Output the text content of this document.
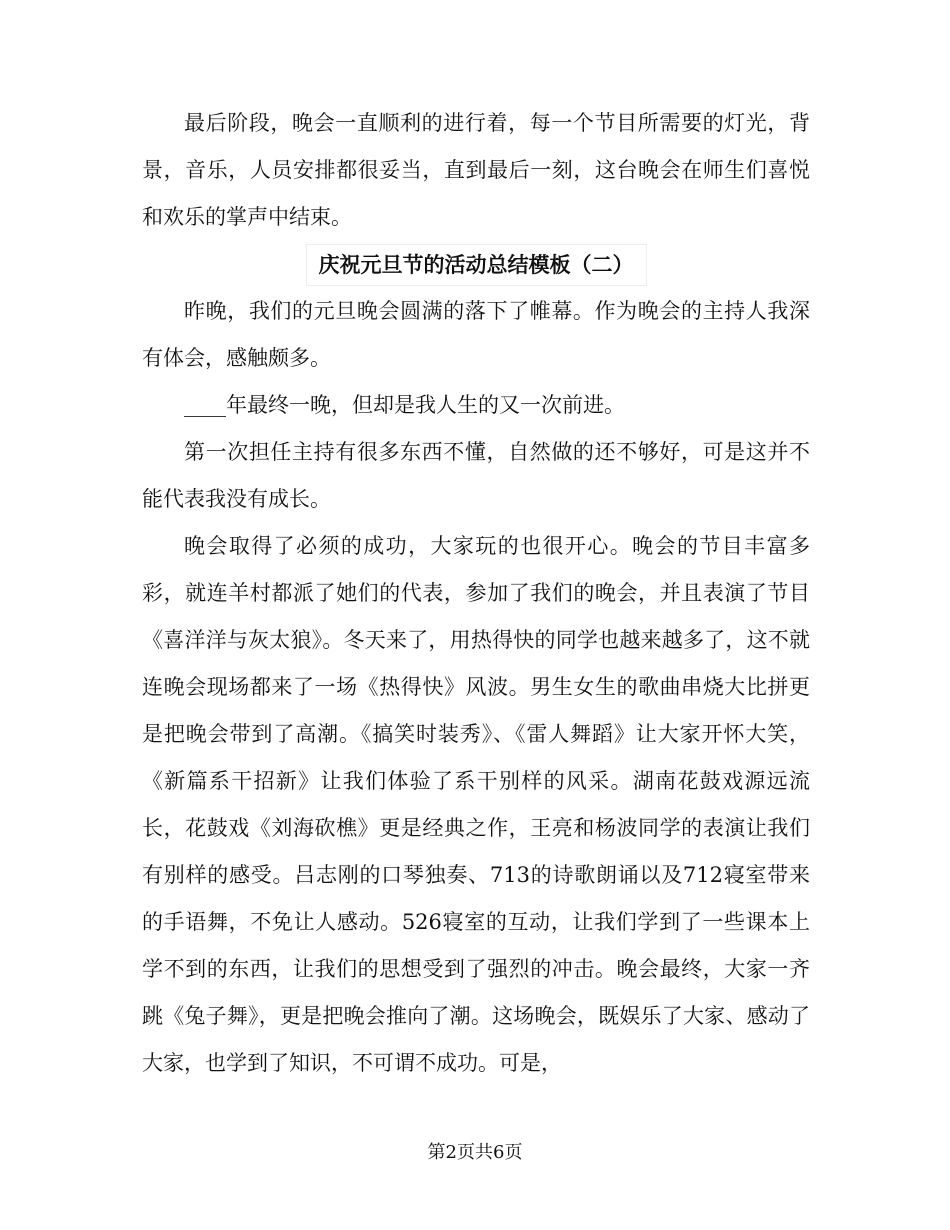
最后阶段，晚会一直顺利的进行着，每一个节目所需要的灯光，背景，音乐，人员安排都很妥当，直到最后一刻，这台晚会在师生们喜悦和欢乐的掌声中结束。

庆祝元旦节的活动总结模板（二）

昨晚，我们的元旦晚会圆满的落下了帷幕。作为晚会的主持人我深有体会，感触颇多。

____年最终一晚，但却是我人生的又一次前进。

第一次担任主持有很多东西不懂，自然做的还不够好，可是这并不能代表我没有成长。

晚会取得了必须的成功，大家玩的也很开心。晚会的节目丰富多彩，就连羊村都派了她们的代表，参加了我们的晚会，并且表演了节目《喜洋洋与灰太狼》。冬天来了，用热得快的同学也越来越多了，这不就连晚会现场都来了一场《热得快》风波。男生女生的歌曲串烧大比拼更是把晚会带到了高潮。《搞笑时装秀》、《雷人舞蹈》让大家开怀大笑，《新篇系干招新》让我们体验了系干别样的风采。湖南花鼓戏源远流长，花鼓戏《刘海砍樵》更是经典之作，王亮和杨波同学的表演让我们有别样的感受。吕志刚的口琴独奏、713的诗歌朗诵以及712寝室带来的手语舞，不免让人感动。526寝室的互动，让我们学到了一些课本上学不到的东西，让我们的思想受到了强烈的冲击。晚会最终，大家一齐跳《兔子舞》，更是把晚会推向了潮。这场晚会，既娱乐了大家、感动了大家，也学到了知识，不可谓不成功。可是，

第2页共6页
